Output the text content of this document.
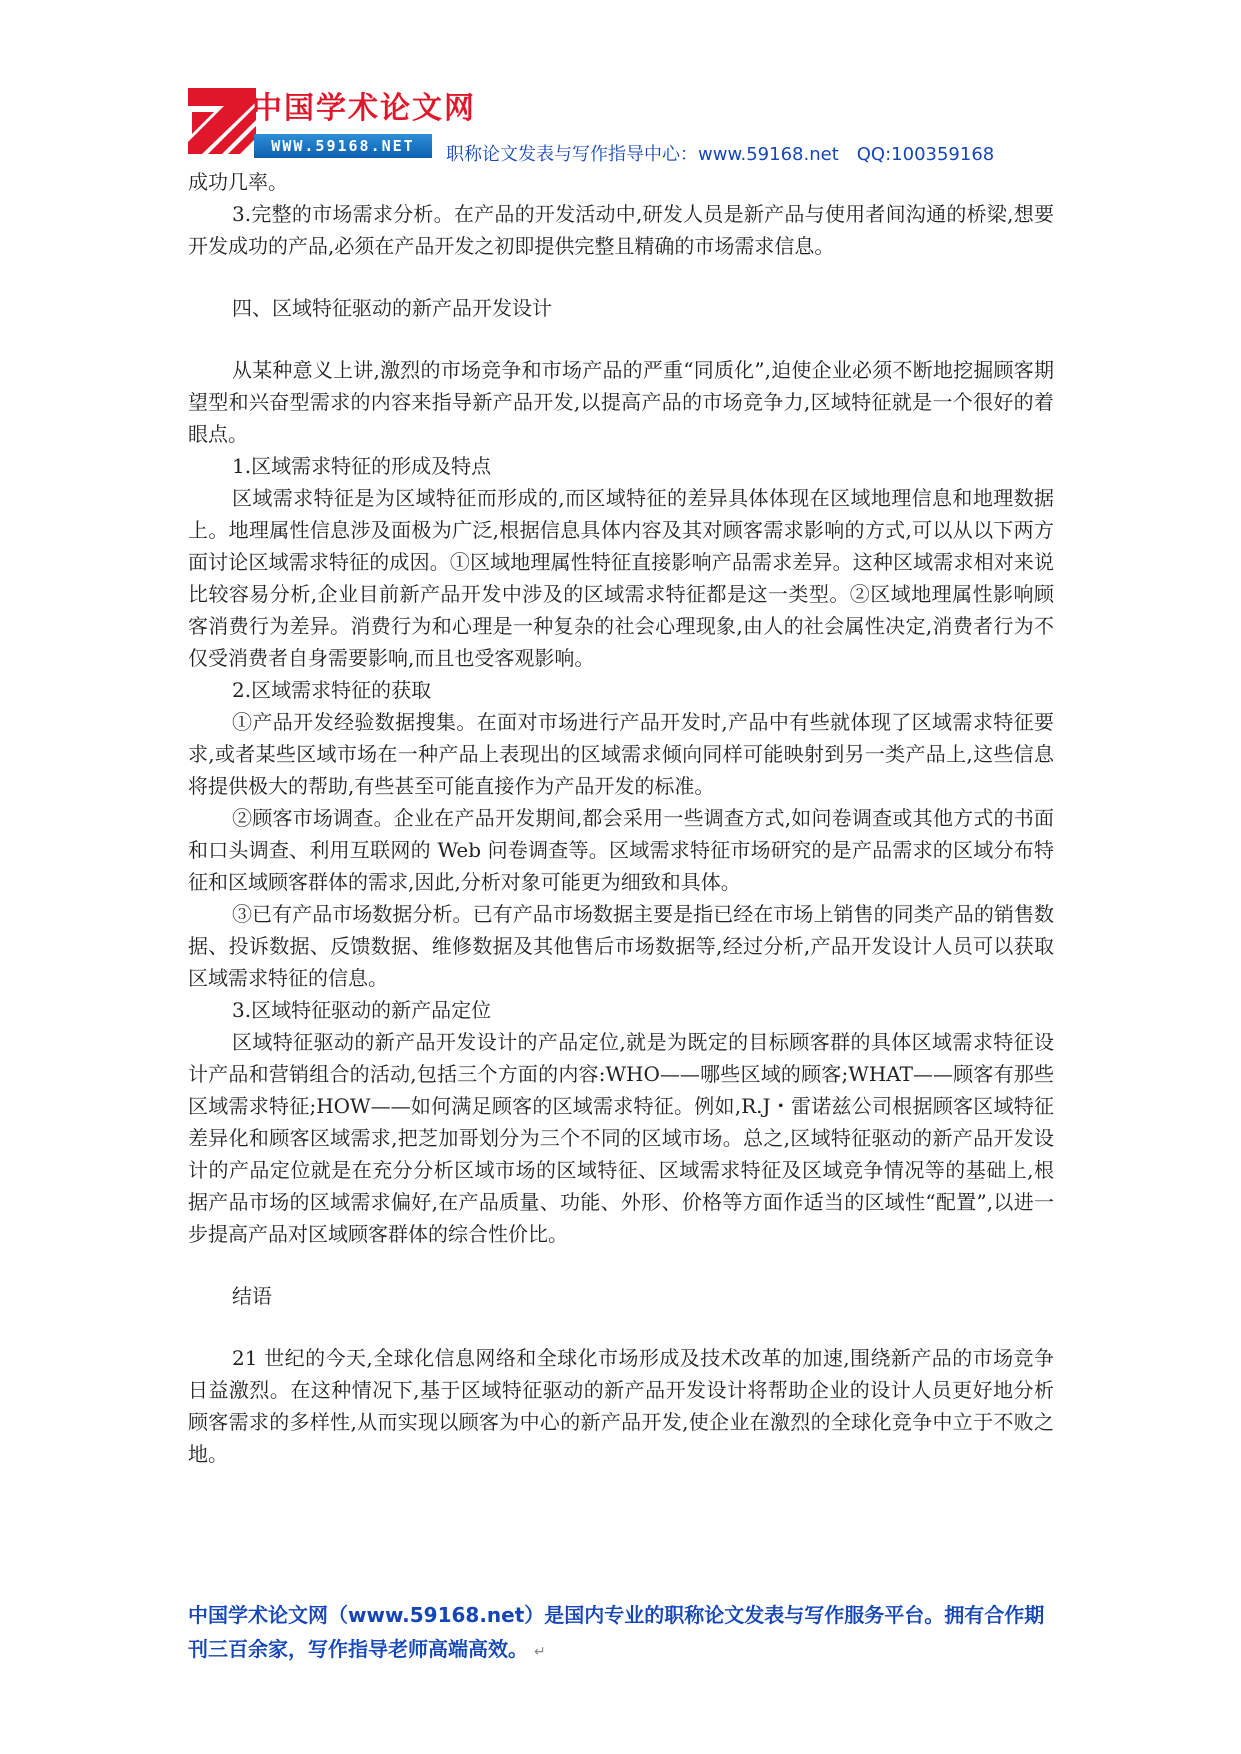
中国学术论文网
WWW.59168.NET	职称论文发表与写作指导中心：www.59168.net QQ:100359168

成功几率。

3.完整的市场需求分析。在产品的开发活动中,研发人员是新产品与使用者间沟通的桥梁,想要开发成功的产品,必须在产品开发之初即提供完整且精确的市场需求信息。

四、区域特征驱动的新产品开发设计

从某种意义上讲,激烈的市场竞争和市场产品的严重“同质化”,迫使企业必须不断地挖掘顾客期望型和兴奋型需求的内容来指导新产品开发,以提高产品的市场竞争力,区域特征就是一个很好的着眼点。

1.区域需求特征的形成及特点

区域需求特征是为区域特征而形成的,而区域特征的差异具体体现在区域地理信息和地理数据上。地理属性信息涉及面极为广泛,根据信息具体内容及其对顾客需求影响的方式,可以从以下两方面讨论区域需求特征的成因。①区域地理属性特征直接影响产品需求差异。这种区域需求相对来说比较容易分析,企业目前新产品开发中涉及的区域需求特征都是这一类型。②区域地理属性影响顾客消费行为差异。消费行为和心理是一种复杂的社会心理现象,由人的社会属性决定,消费者行为不仅受消费者自身需要影响,而且也受客观影响。

2.区域需求特征的获取

①产品开发经验数据搜集。在面对市场进行产品开发时,产品中有些就体现了区域需求特征要求,或者某些区域市场在一种产品上表现出的区域需求倾向同样可能映射到另一类产品上,这些信息将提供极大的帮助,有些甚至可能直接作为产品开发的标准。

②顾客市场调查。企业在产品开发期间,都会采用一些调查方式,如问卷调查或其他方式的书面和口头调查、利用互联网的 Web 问卷调查等。区域需求特征市场研究的是产品需求的区域分布特征和区域顾客群体的需求,因此,分析对象可能更为细致和具体。

③已有产品市场数据分析。已有产品市场数据主要是指已经在市场上销售的同类产品的销售数据、投诉数据、反馈数据、维修数据及其他售后市场数据等,经过分析,产品开发设计人员可以获取区域需求特征的信息。

3.区域特征驱动的新产品定位

区域特征驱动的新产品开发设计的产品定位,就是为既定的目标顾客群的具体区域需求特征设计产品和营销组合的活动,包括三个方面的内容:WHO——哪些区域的顾客;WHAT——顾客有那些区域需求特征;HOW——如何满足顾客的区域需求特征。例如,R.J・雷诺兹公司根据顾客区域特征差异化和顾客区域需求,把芝加哥划分为三个不同的区域市场。总之,区域特征驱动的新产品开发设计的产品定位就是在充分分析区域市场的区域特征、区域需求特征及区域竞争情况等的基础上,根据产品市场的区域需求偏好,在产品质量、功能、外形、价格等方面作适当的区域性“配置”,以进一步提高产品对区域顾客群体的综合性价比。

结语

21 世纪的今天,全球化信息网络和全球化市场形成及技术改革的加速,围绕新产品的市场竞争日益激烈。在这种情况下,基于区域特征驱动的新产品开发设计将帮助企业的设计人员更好地分析顾客需求的多样性,从而实现以顾客为中心的新产品开发,使企业在激烈的全球化竞争中立于不败之地。

中国学术论文网（www.59168.net）是国内专业的职称论文发表与写作服务平台。拥有合作期刊三百余家，写作指导老师高端高效。 ↵
